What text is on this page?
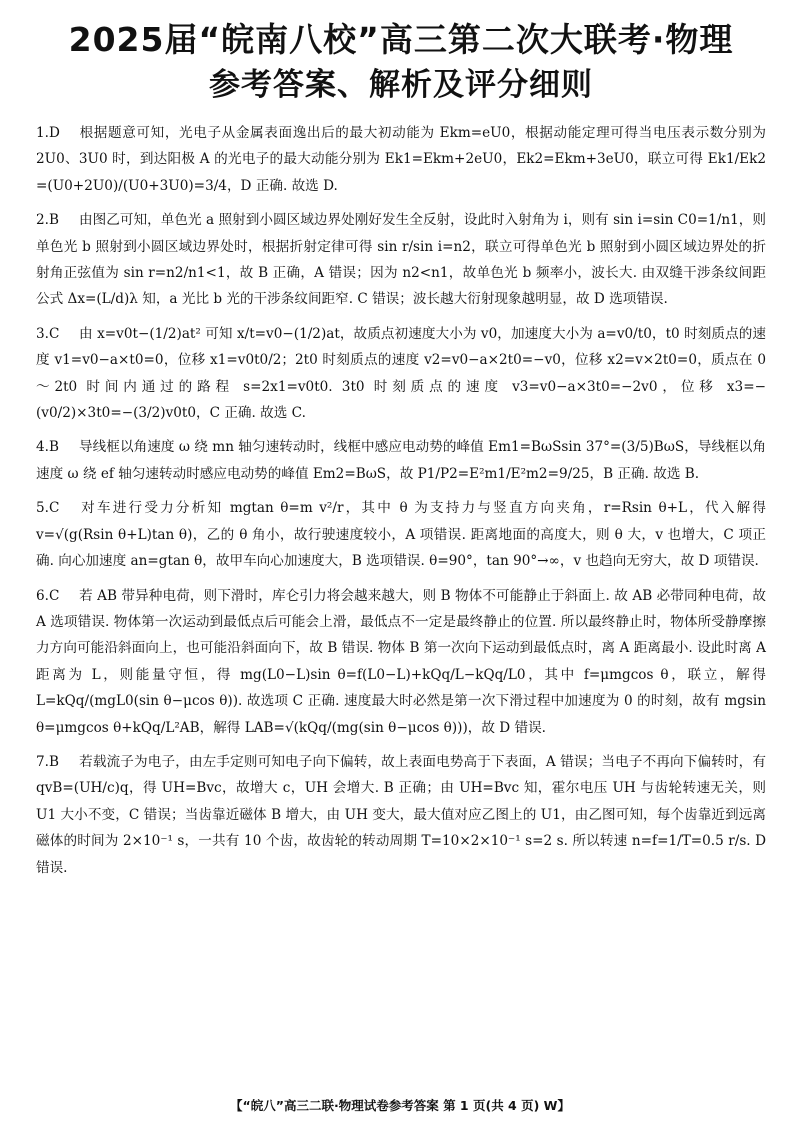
2025届“皖南八校”高三第二次大联考·物理
参考答案、解析及评分细则

1.D 根据题意可知，光电子从金属表面逸出后的最大初动能为 Ekm=eU0，根据动能定理可得当电压表示数分别为 2U0、3U0 时，到达阳极 A 的光电子的最大动能分别为 Ek1=Ekm+2eU0，Ek2=Ekm+3eU0，联立可得 Ek1/Ek2 =(U0+2U0)/(U0+3U0)=3/4，D 正确. 故选 D.

2.B 由图乙可知，单色光 a 照射到小圆区域边界处刚好发生全反射，设此时入射角为 i，则有 sin i=sin C0=1/n1，则单色光 b 照射到小圆区域边界处时，根据折射定律可得 sin r/sin i=n2，联立可得单色光 b 照射到小圆区域边界处的折射角正弦值为 sin r=n2/n1<1，故 B 正确，A 错误；因为 n2<n1，故单色光 b 频率小，波长大. 由双缝干涉条纹间距公式 Δx=(L/d)λ 知，a 光比 b 光的干涉条纹间距窄. C 错误；波长越大衍射现象越明显，故 D 选项错误.

3.C 由 x=v0t−(1/2)at² 可知 x/t=v0−(1/2)at，故质点初速度大小为 v0，加速度大小为 a=v0/t0，t0 时刻质点的速度 v1=v0−a×t0=0，位移 x1=v0t0/2；2t0 时刻质点的速度 v2=v0−a×2t0=−v0，位移 x2=v×2t0=0，质点在 0～2t0 时间内通过的路程 s=2x1=v0t0. 3t0 时刻质点的速度 v3=v0−a×3t0=−2v0，位移 x3=−(v0/2)×3t0=−(3/2)v0t0，C 正确. 故选 C.

4.B 导线框以角速度 ω 绕 mn 轴匀速转动时，线框中感应电动势的峰值 Em1=BωSsin 37°=(3/5)BωS，导线框以角速度 ω 绕 ef 轴匀速转动时感应电动势的峰值 Em2=BωS，故 P1/P2=E²m1/E²m2=9/25，B 正确. 故选 B.

5.C 对车进行受力分析知 mgtan θ=m v²/r，其中 θ 为支持力与竖直方向夹角，r=Rsin θ+L，代入解得 v=√(g(Rsin θ+L)tan θ)，乙的 θ 角小，故行驶速度较小，A 项错误. 距离地面的高度大，则 θ 大，v 也增大，C 项正确. 向心加速度 an=gtan θ，故甲车向心加速度大，B 选项错误. θ=90°，tan 90°→∞，v 也趋向无穷大，故 D 项错误.

6.C 若 AB 带异种电荷，则下滑时，库仑引力将会越来越大，则 B 物体不可能静止于斜面上. 故 AB 必带同种电荷，故 A 选项错误. 物体第一次运动到最低点后可能会上滑，最低点不一定是最终静止的位置. 所以最终静止时，物体所受静摩擦力方向可能沿斜面向上，也可能沿斜面向下，故 B 错误. 物体 B 第一次向下运动到最低点时，离 A 距离最小. 设此时离 A 距离为 L，则能量守恒，得 mg(L0−L)sin θ=f(L0−L)+kQq/L−kQq/L0，其中 f=μmgcos θ，联立，解得 L=kQq/(mgL0(sin θ−μcos θ)). 故选项 C 正确. 速度最大时必然是第一次下滑过程中加速度为 0 的时刻，故有 mgsin θ=μmgcos θ+kQq/L²AB，解得 LAB=√(kQq/(mg(sin θ−μcos θ)))，故 D 错误.

7.B 若载流子为电子，由左手定则可知电子向下偏转，故上表面电势高于下表面，A 错误；当电子不再向下偏转时，有 qvB=(UH/c)q，得 UH=Bvc，故增大 c，UH 会增大. B 正确；由 UH=Bvc 知，霍尔电压 UH 与齿轮转速无关，则 U1 大小不变，C 错误；当齿靠近磁体 B 增大，由 UH 变大，最大值对应乙图上的 U1，由乙图可知，每个齿靠近到远离磁体的时间为 2×10⁻¹ s，一共有 10 个齿，故齿轮的转动周期 T=10×2×10⁻¹ s=2 s. 所以转速 n=f=1/T=0.5 r/s. D 错误.

【“皖八”高三二联·物理试卷参考答案 第 1 页(共 4 页) W】
